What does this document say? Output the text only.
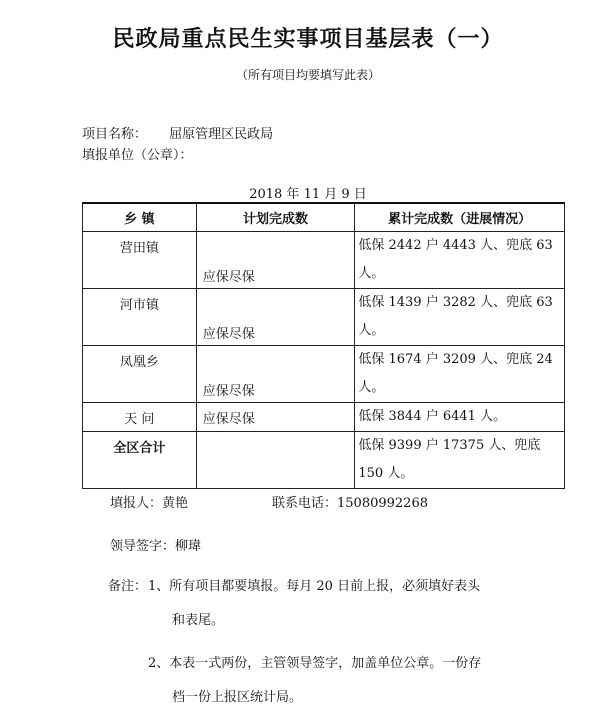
民政局重点民生实事项目基层表（一）
（所有项目均要填写此表）
项目名称： 屈原管理区民政局
填报单位（公章）：
2018 年 11 月 9 日
乡 镇	计划完成数	累计完成数（进展情况）
营田镇	应保尽保	低保 2442 户 4443 人、兜底 63 人。
河市镇	应保尽保	低保 1439 户 3282 人、兜底 63 人。
凤凰乡	应保尽保	低保 1674 户 3209 人、兜底 24 人。
天 问	应保尽保	低保 3844 户 6441 人。
全区合计		低保 9399 户 17375 人、兜底 150 人。
填报人：黄艳	联系电话：15080992268
领导签字：柳瑋
备注： 1、所有项目都要填报。每月 20 日前上报，必须填好表头
和表尾。
2、本表一式两份，主管领导签字，加盖单位公章。一份存
档一份上报区统计局。
